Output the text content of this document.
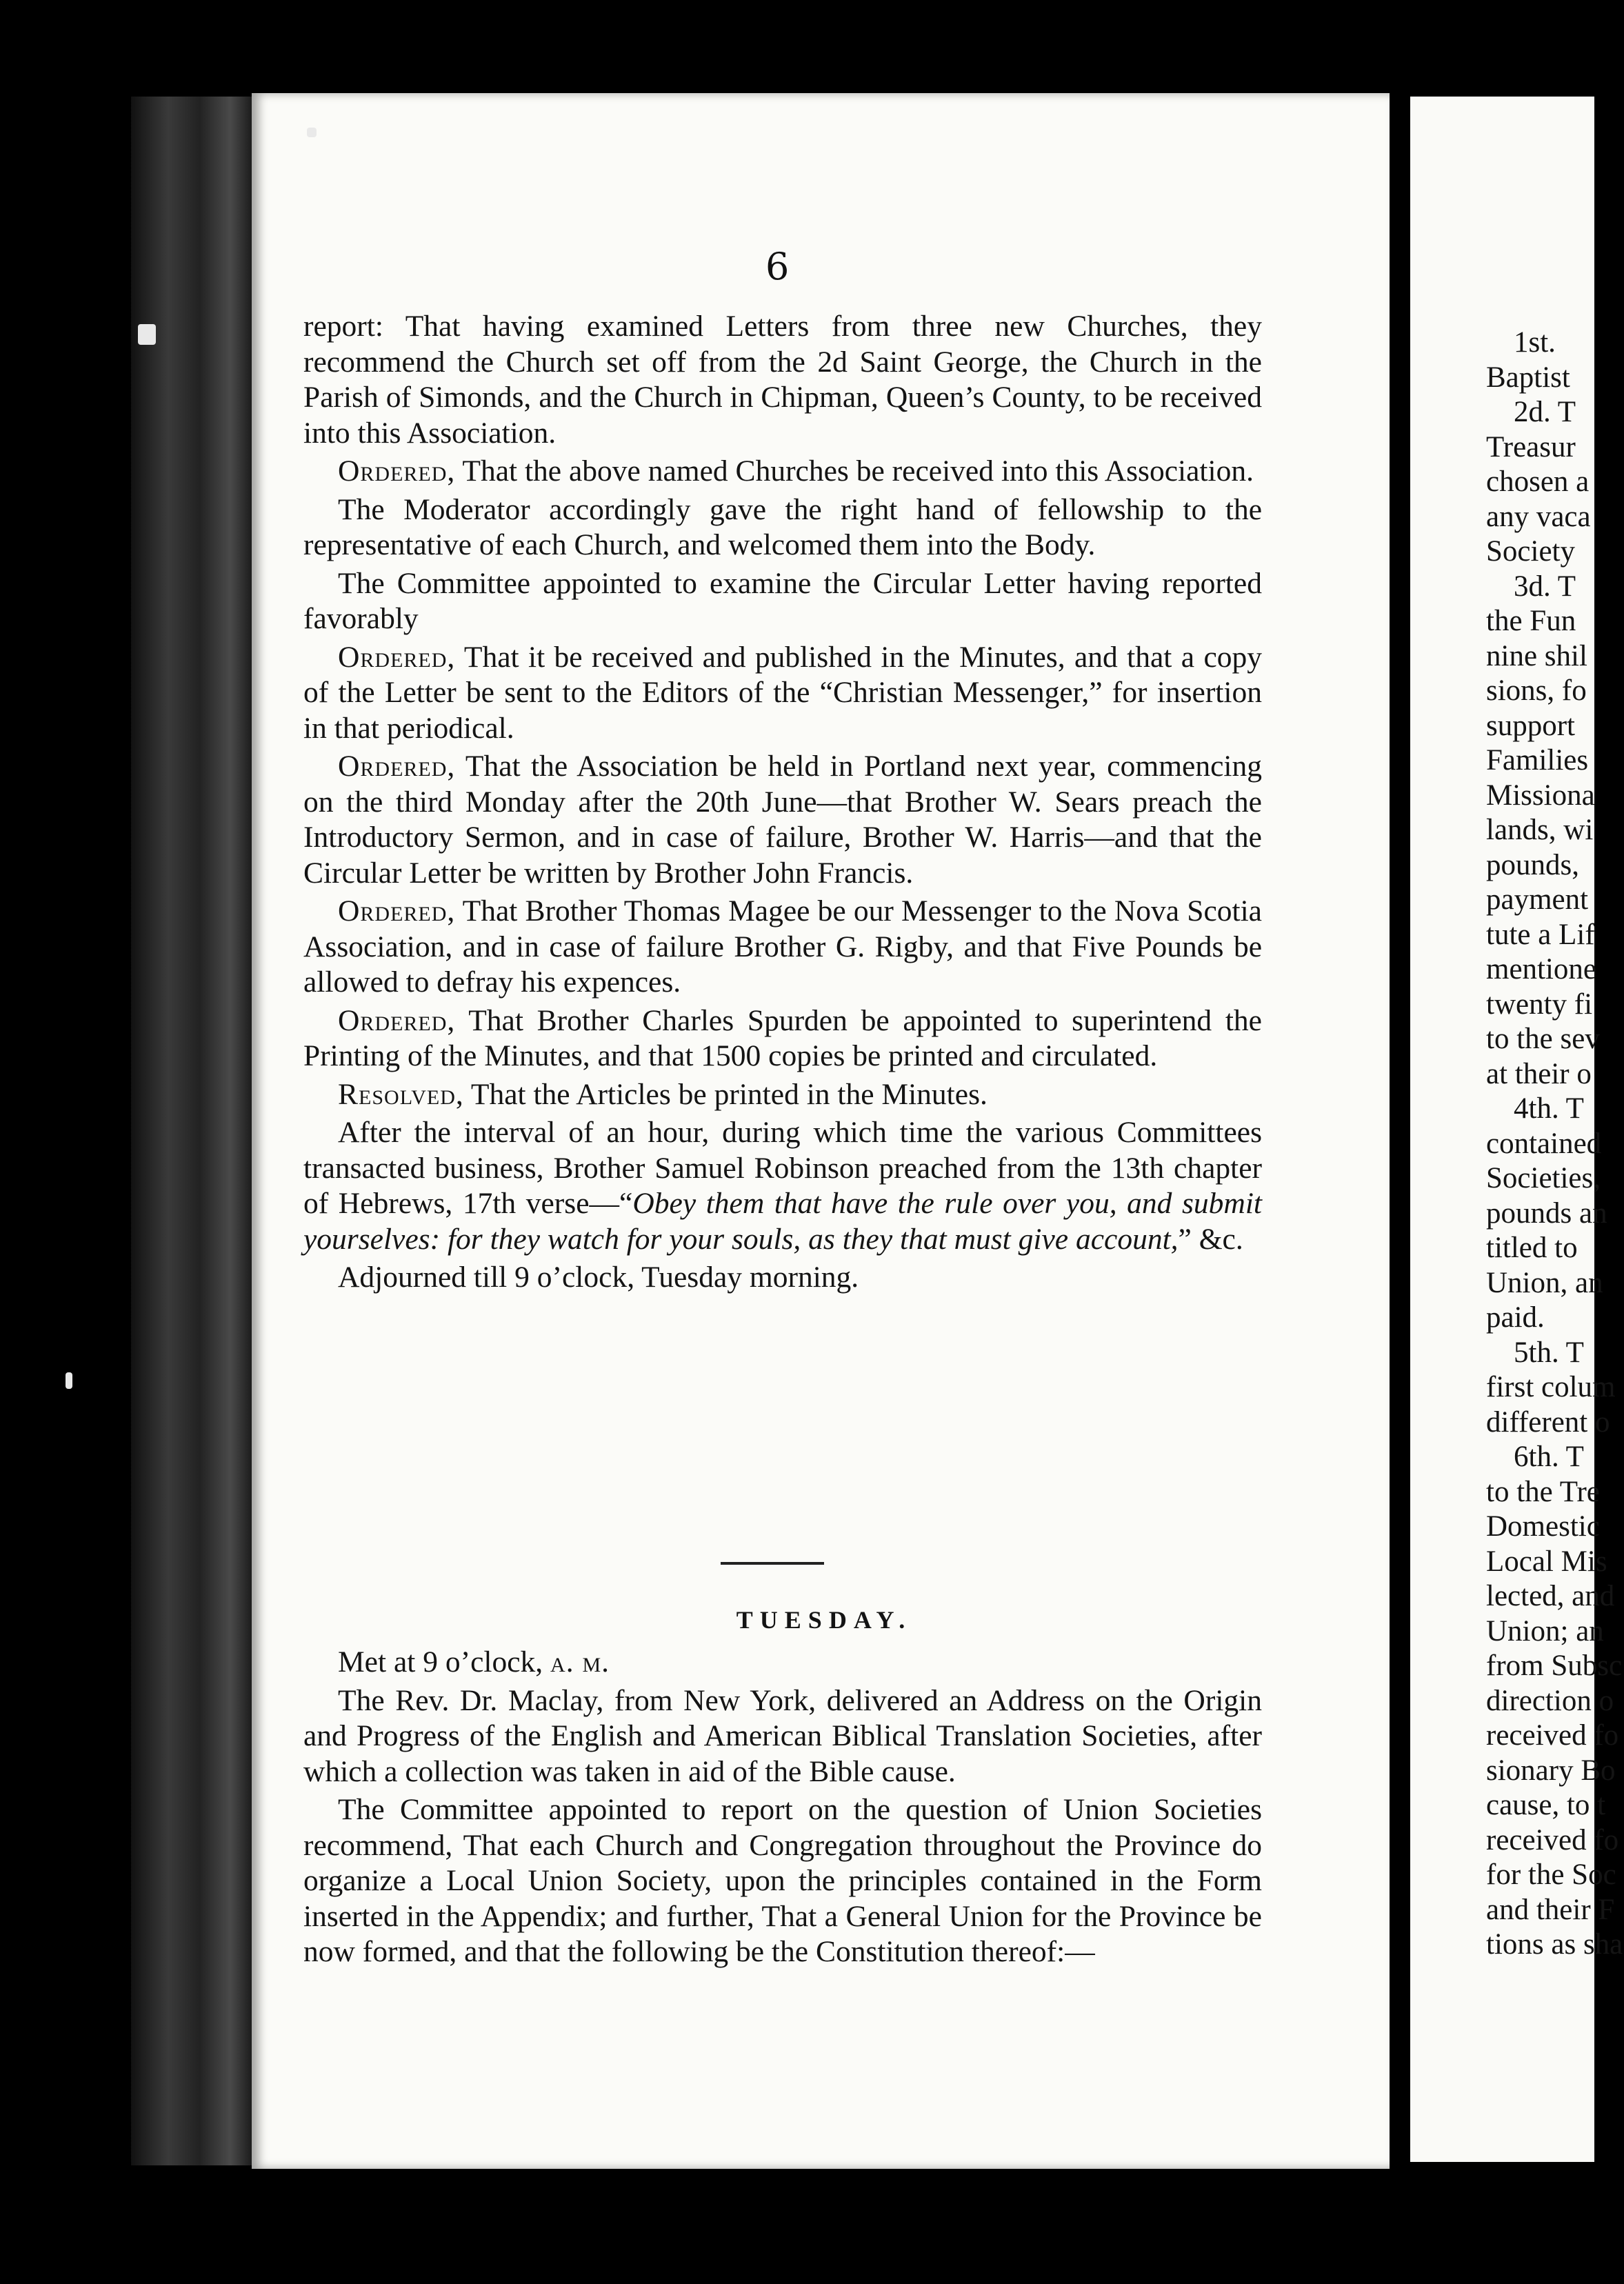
6

report: That having examined Letters from three new Churches, they recommend the Church set off from the 2d Saint George, the Church in the Parish of Simonds, and the Church in Chipman, Queen’s County, to be received into this Association.

Ordered, That the above named Churches be received into this Association.

The Moderator accordingly gave the right hand of fellowship to the representative of each Church, and welcomed them into the Body.

The Committee appointed to examine the Circular Letter having reported favorably

Ordered, That it be received and published in the Minutes, and that a copy of the Letter be sent to the Editors of the “Christian Messenger,” for insertion in that periodical.

Ordered, That the Association be held in Portland next year, commencing on the third Monday after the 20th June—that Brother W. Sears preach the Introductory Sermon, and in case of failure, Brother W. Harris—and that the Circular Letter be written by Brother John Francis.

Ordered, That Brother Thomas Magee be our Messenger to the Nova Scotia Association, and in case of failure Brother G. Rigby, and that Five Pounds be allowed to defray his expences.

Ordered, That Brother Charles Spurden be appointed to superintend the Printing of the Minutes, and that 1500 copies be printed and circulated.

Resolved, That the Articles be printed in the Minutes.

After the interval of an hour, during which time the various Committees transacted business, Brother Samuel Robinson preached from the 13th chapter of Hebrews, 17th verse—“Obey them that have the rule over you, and submit yourselves: for they watch for your souls, as they that must give account,” &c.

Adjourned till 9 o’clock, Tuesday morning.

TUESDAY.

Met at 9 o’clock, a. m.

The Rev. Dr. Maclay, from New York, delivered an Address on the Origin and Progress of the English and American Biblical Translation Societies, after which a collection was taken in aid of the Bible cause.

The Committee appointed to report on the question of Union Societies recommend, That each Church and Congregation throughout the Province do organize a Local Union Society, upon the principles contained in the Form inserted in the Appendix; and further, That a General Union for the Province be now formed, and that the following be the Constitution thereof:—

1st.
Baptist
2d. T
Treasur
chosen a
any vaca
Society
3d. T
the Fun
nine shil
sions, fo
support
Families
Missiona
lands, wi
pounds,
payment
tute a Lif
mentione
twenty fi
to the sev
at their o
4th. T
contained
Societies,
pounds an
titled to
Union, an
paid.
5th. T
first colum
different o
6th. T
to the Tre
Domestic
Local Mis
lected, and
Union; an
from Subsc
direction o
received fo
sionary Bo
cause, to t
received fo
for the Soc
and their F
tions as sha
